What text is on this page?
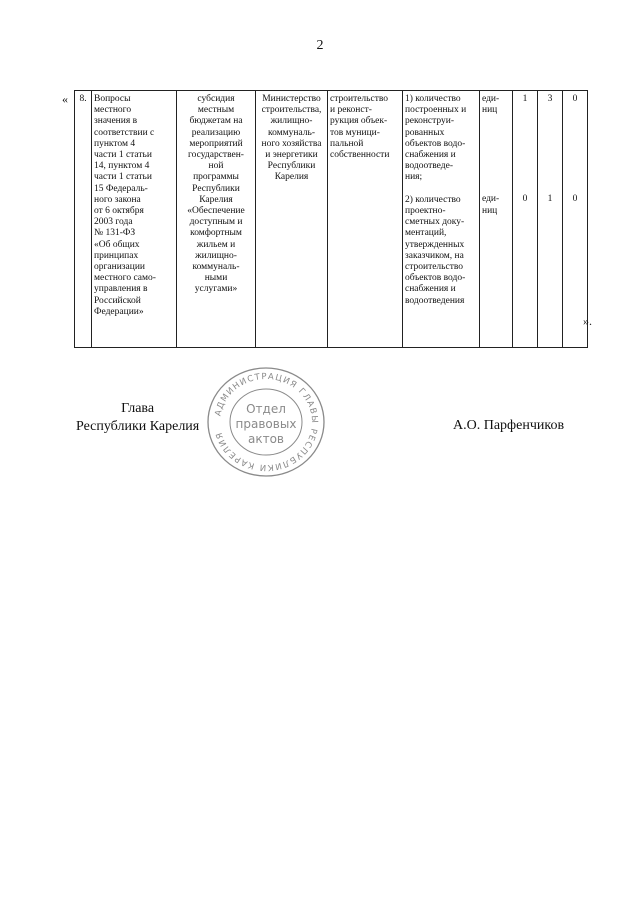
2
« 8.	Вопросы
местного
значения в
соответствии с
пунктом 4
части 1 статьи
14, пунктом 4
части 1 статьи
15 Федераль-
ного закона
от 6 октября
2003 года
№ 131-ФЗ
«Об общих
принципах
организации
местного само-
управления в
Российской
Федерации»	субсидия
местным
бюджетам на
реализацию
мероприятий
государствен-
ной
программы
Республики
Карелия
«Обеспечение
доступным и
комфортным
жильем и
жилищно-
коммуналь-
ными
услугами»	Министерство
строительства,
жилищно-
коммуналь-
ного хозяйства
и энергетики
Республики
Карелия	строительство
и реконст-
рукция объек-
тов муници-
пальной
собственности	1) количество
построенных и
реконструи-
рованных
объектов водо-
снабжения и
водоотведе-
ния;
2) количество
проектно-
сметных доку-
ментаций,
утвержденных
заказчиком, на
строительство
объектов водо-
снабжения и
водоотведения	еди-
ниц
еди-
ниц	1
0	3
1	0
0
».
Глава
Республики Карелия	А.О. Парфенчиков
АДМИНИСТРАЦИЯ ГЛАВЫ РЕСПУБЛИКИ КАРЕЛИЯ
Отдел
правовых
актов
